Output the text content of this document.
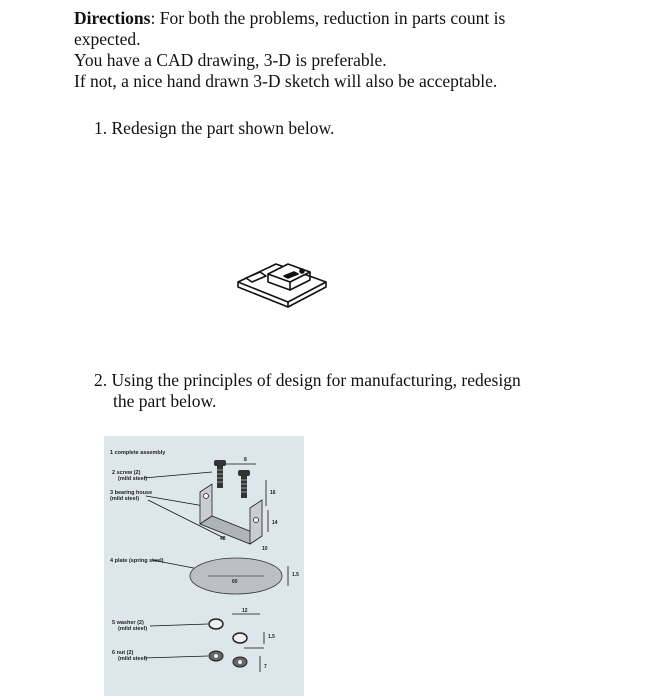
Directions: For both the problems, reduction in parts count is
expected.
You have a CAD drawing, 3-D is preferable.
If not, a nice hand drawn 3-D sketch will also be acceptable.
1. Redesign the part shown below.
2. Using the principles of design for manufacturing, redesign
the part below.
1 complete assembly
2 screw (2)
(mild steel)
3 bearing house
(mild steel)
4 plate (spring steel)
5 washer (2)
(mild steel)
6 nut (2)
(mild steel)
8
16
14
48
10
60
1.5
12
1.5
7
